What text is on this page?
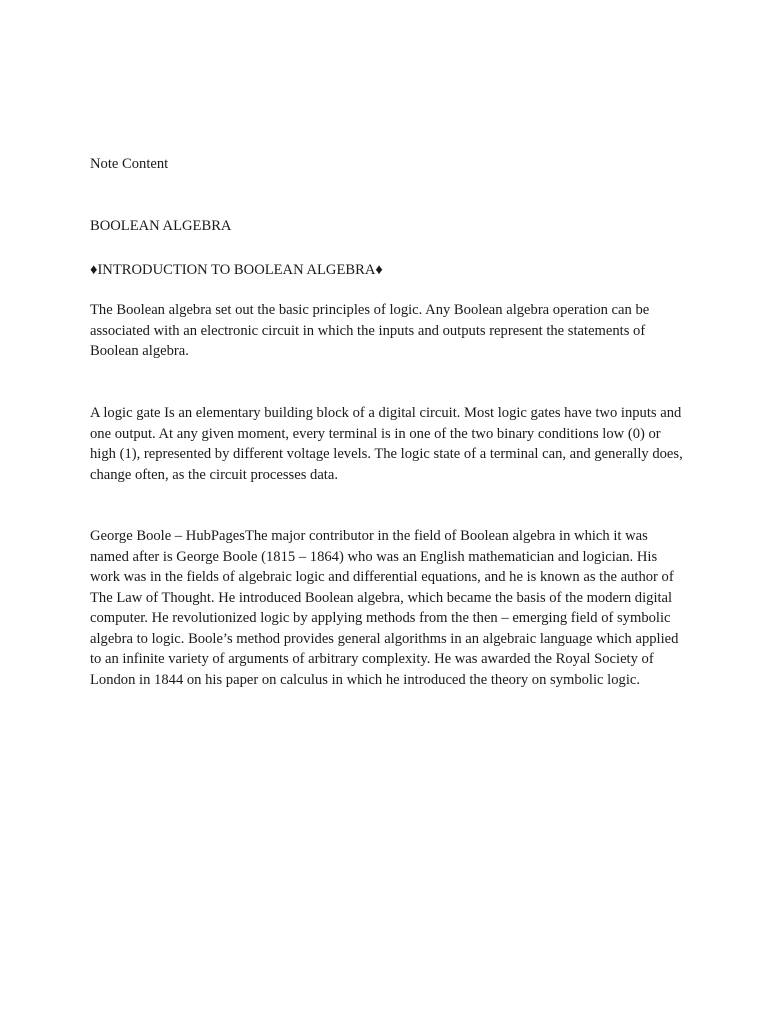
Note Content

BOOLEAN ALGEBRA

♦INTRODUCTION TO BOOLEAN ALGEBRA♦

The Boolean algebra set out the basic principles of logic. Any Boolean algebra operation can be associated with an electronic circuit in which the inputs and outputs represent the statements of Boolean algebra.

A logic gate Is an elementary building block of a digital circuit. Most logic gates have two inputs and one output. At any given moment, every terminal is in one of the two binary conditions low (0) or high (1), represented by different voltage levels. The logic state of a terminal can, and generally does, change often, as the circuit processes data.

George Boole – HubPagesThe major contributor in the field of Boolean algebra in which it was named after is George Boole (1815 – 1864) who was an English mathematician and logician. His work was in the fields of algebraic logic and differential equations, and he is known as the author of The Law of Thought. He introduced Boolean algebra, which became the basis of the modern digital computer. He revolutionized logic by applying methods from the then – emerging field of symbolic algebra to logic. Boole’s method provides general algorithms in an algebraic language which applied to an infinite variety of arguments of arbitrary complexity. He was awarded the Royal Society of London in 1844 on his paper on calculus in which he introduced the theory on symbolic logic.
